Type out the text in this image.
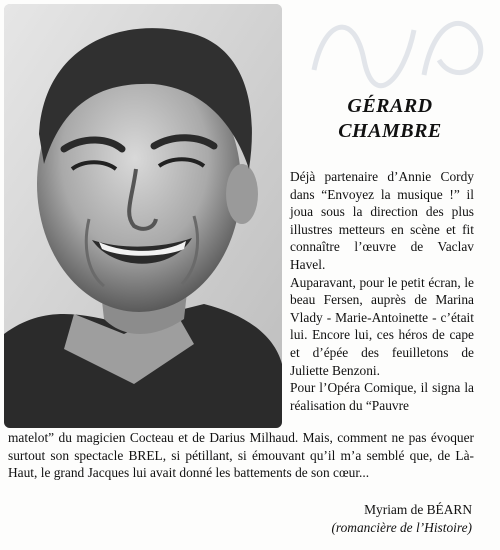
GÉRARD
CHAMBRE

Déjà partenaire d’Annie Cordy dans “Envoyez la musique !” il joua sous la direction des plus illustres metteurs en scène et fit connaître l’œuvre de Vaclav Havel.

Auparavant, pour le petit écran, le beau Fersen, auprès de Marina Vlady - Marie-Antoinette - c’était lui. Encore lui, ces héros de cape et d’épée des feuilletons de Juliette Benzoni.

Pour l’Opéra Comique, il signa la réalisation du “Pauvre

matelot” du magicien Cocteau et de Darius Milhaud. Mais, comment ne pas évoquer surtout son spectacle BREL, si pétillant, si émouvant qu’il m’a semblé que, de Là-Haut, le grand Jacques lui avait donné les battements de son cœur...

Myriam de BÉARN
(romancière de l’Histoire)
